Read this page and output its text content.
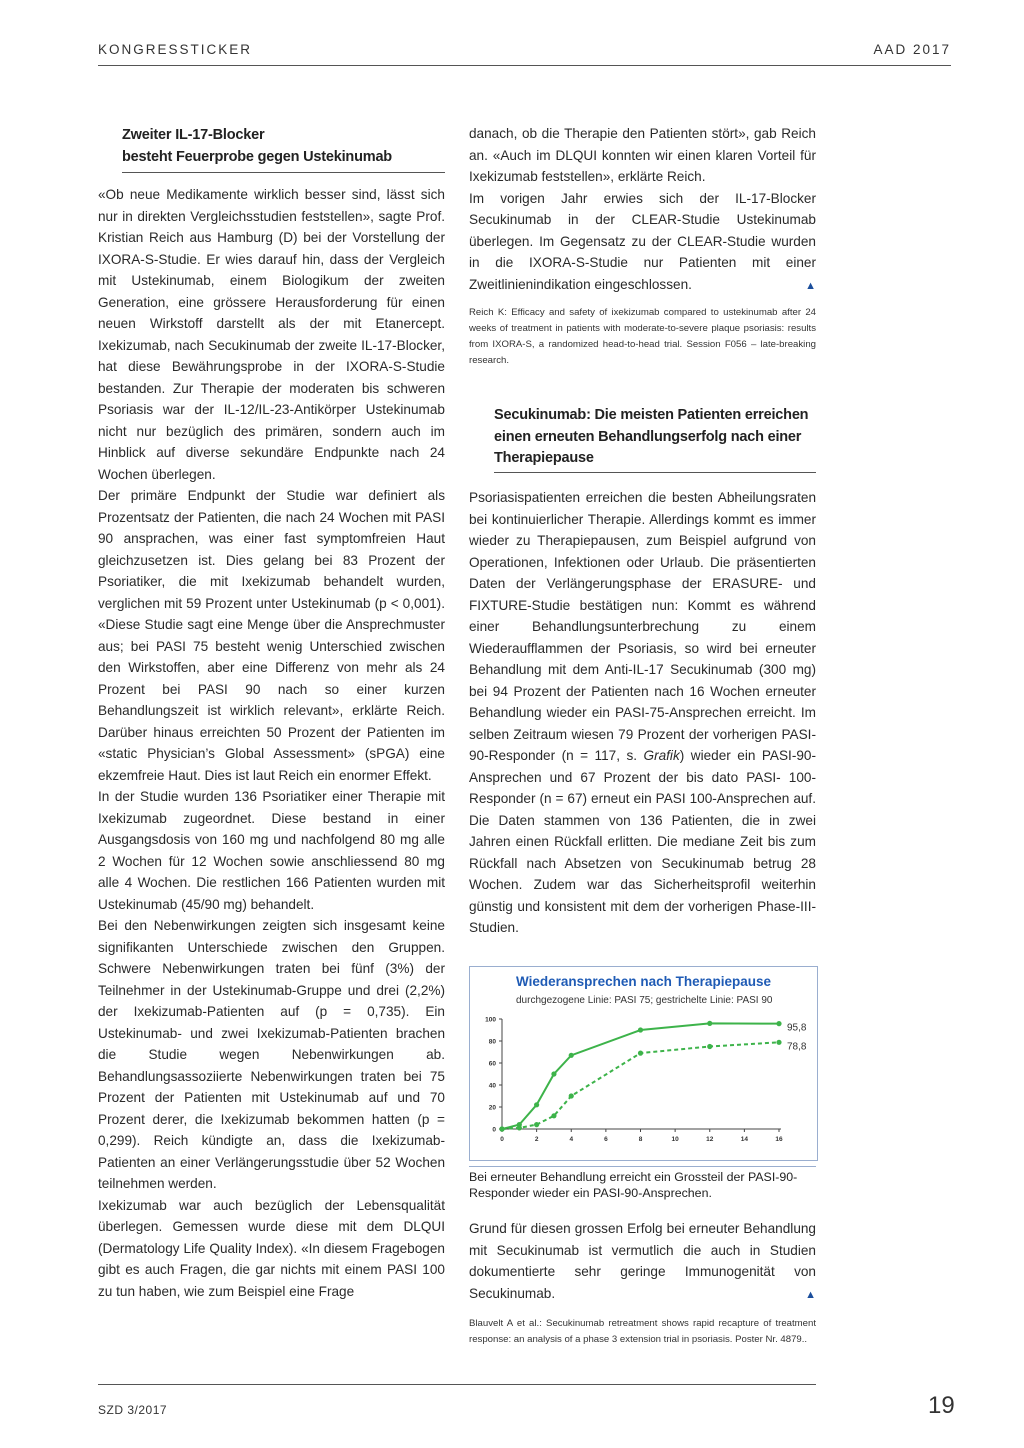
KONGRESSTICKER	AAD 2017
Zweiter IL-17-Blocker
besteht Feuerprobe gegen Ustekinumab

«Ob neue Medikamente wirklich besser sind, lässt sich nur in direkten Vergleichsstudien feststellen», sagte Prof. Kristian Reich aus Hamburg (D) bei der Vorstellung der IXORA-S-Studie. Er wies darauf hin, dass der Vergleich mit Ustekinumab, einem Biologikum der zweiten Generation, eine grössere Herausforderung für einen neuen Wirkstoff darstellt als der mit Etanercept. Ixekizumab, nach Secukinumab der zweite IL-17-Blocker, hat diese Bewährungsprobe in der IXORA-S-Studie bestanden. Zur Therapie der moderaten bis schweren Psoriasis war der IL-12/IL-23-Antikörper Ustekinumab nicht nur bezüglich des primären, sondern auch im Hinblick auf diverse sekundäre Endpunkte nach 24 Wochen überlegen.

Der primäre Endpunkt der Studie war definiert als Prozentsatz der Patienten, die nach 24 Wochen mit PASI 90 ansprachen, was einer fast symptomfreien Haut gleichzusetzen ist. Dies gelang bei 83 Prozent der Psoriatiker, die mit Ixekizumab behandelt wurden, verglichen mit 59 Prozent unter Ustekinumab (p < 0,001). «Diese Studie sagt eine Menge über die Ansprechmuster aus; bei PASI 75 besteht wenig Unterschied zwischen den Wirkstoffen, aber eine Differenz von mehr als 24 Prozent bei PASI 90 nach so einer kurzen Behandlungszeit ist wirklich relevant», erklärte Reich. Darüber hinaus erreichten 50 Prozent der Patienten im «static Physician’s Global Assessment» (sPGA) eine ekzemfreie Haut. Dies ist laut Reich ein enormer Effekt.

In der Studie wurden 136 Psoriatiker einer Therapie mit Ixekizumab zugeordnet. Diese bestand in einer Ausgangsdosis von 160 mg und nachfolgend 80 mg alle 2 Wochen für 12 Wochen sowie anschliessend 80 mg alle 4 Wochen. Die restlichen 166 Patienten wurden mit Ustekinumab (45/90 mg) behandelt.

Bei den Nebenwirkungen zeigten sich insgesamt keine signifikanten Unterschiede zwischen den Gruppen. Schwere Nebenwirkungen traten bei fünf (3%) der Teilnehmer in der Ustekinumab-Gruppe und drei (2,2%) der Ixekizumab-Patienten auf (p = 0,735). Ein Ustekinumab- und zwei Ixekizumab-Patienten brachen die Studie wegen Nebenwirkungen ab. Behandlungsassoziierte Nebenwirkungen traten bei 75 Prozent der Patienten mit Ustekinumab auf und 70 Prozent derer, die Ixekizumab bekommen hatten (p = 0,299). Reich kündigte an, dass die Ixekizumab-Patienten an einer Verlängerungsstudie über 52 Wochen teilnehmen werden.

Ixekizumab war auch bezüglich der Lebensqualität überlegen. Gemessen wurde diese mit dem DLQUI (Dermatology Life Quality Index). «In diesem Fragebogen gibt es auch Fragen, die gar nichts mit einem PASI 100 zu tun haben, wie zum Beispiel eine Frage

danach, ob die Therapie den Patienten stört», gab Reich an. «Auch im DLQUI konnten wir einen klaren Vorteil für Ixekizumab feststellen», erklärte Reich.

Im vorigen Jahr erwies sich der IL-17-Blocker Secukinumab in der CLEAR-Studie Ustekinumab überlegen. Im Gegensatz zu der CLEAR-Studie wurden in die IXORA-S-Studie nur Patienten mit einer Zweitlinienindikation eingeschlossen.	▲

Reich K: Efficacy and safety of ixekizumab compared to ustekinumab after 24 weeks of treatment in patients with moderate-to-severe plaque psoriasis: results from IXORA-S, a randomized head-to-head trial. Session F056 – late-breaking research.
Secukinumab: Die meisten Patienten erreichen einen erneuten Behandlungserfolg nach einer Therapiepause

Psoriasispatienten erreichen die besten Abheilungsraten bei kontinuierlicher Therapie. Allerdings kommt es immer wieder zu Therapiepausen, zum Beispiel aufgrund von Operationen, Infektionen oder Urlaub. Die präsentierten Daten der Verlängerungsphase der ERASURE- und FIXTURE-Studie bestätigen nun: Kommt es während einer Behandlungsunterbrechung zu einem Wiederaufflammen der Psoriasis, so wird bei erneuter Behandlung mit dem Anti-IL-17 Secukinumab (300 mg) bei 94 Prozent der Patienten nach 16 Wochen erneuter Behandlung wieder ein PASI-75-Ansprechen erreicht. Im selben Zeitraum wiesen 79 Prozent der vorherigen PASI-90-Responder (n = 117, s. Grafik) wieder ein PASI-90-Ansprechen und 67 Prozent der bis dato PASI- 100-Responder (n = 67) erneut ein PASI 100-Ansprechen auf. Die Daten stammen von 136 Patienten, die in zwei Jahren einen Rückfall erlitten. Die mediane Zeit bis zum Rückfall nach Absetzen von Secukinumab betrug 28 Wochen. Zudem war das Sicherheitsprofil weiterhin günstig und konsistent mit dem der vorherigen Phase-III-Studien.

Wiederansprechen nach Therapiepause
durchgezogene Linie: PASI 75; gestrichelte Linie: PASI 90
0
20
40
60
80
100
0	2	4	6	8	10	12	14	16
95,8
78,8
Bei erneuter Behandlung erreicht ein Grossteil der PASI-90-Responder wieder ein PASI-90-Ansprechen.

Grund für diesen grossen Erfolg bei erneuter Behandlung mit Secukinumab ist vermutlich die auch in Studien dokumentierte sehr geringe Immunogenität von Secukinumab.	▲

Blauvelt A et al.: Secukinumab retreatment shows rapid recapture of treatment response: an analysis of a phase 3 extension trial in psoriasis. Poster Nr. 4879..
SZD 3/2017	19
